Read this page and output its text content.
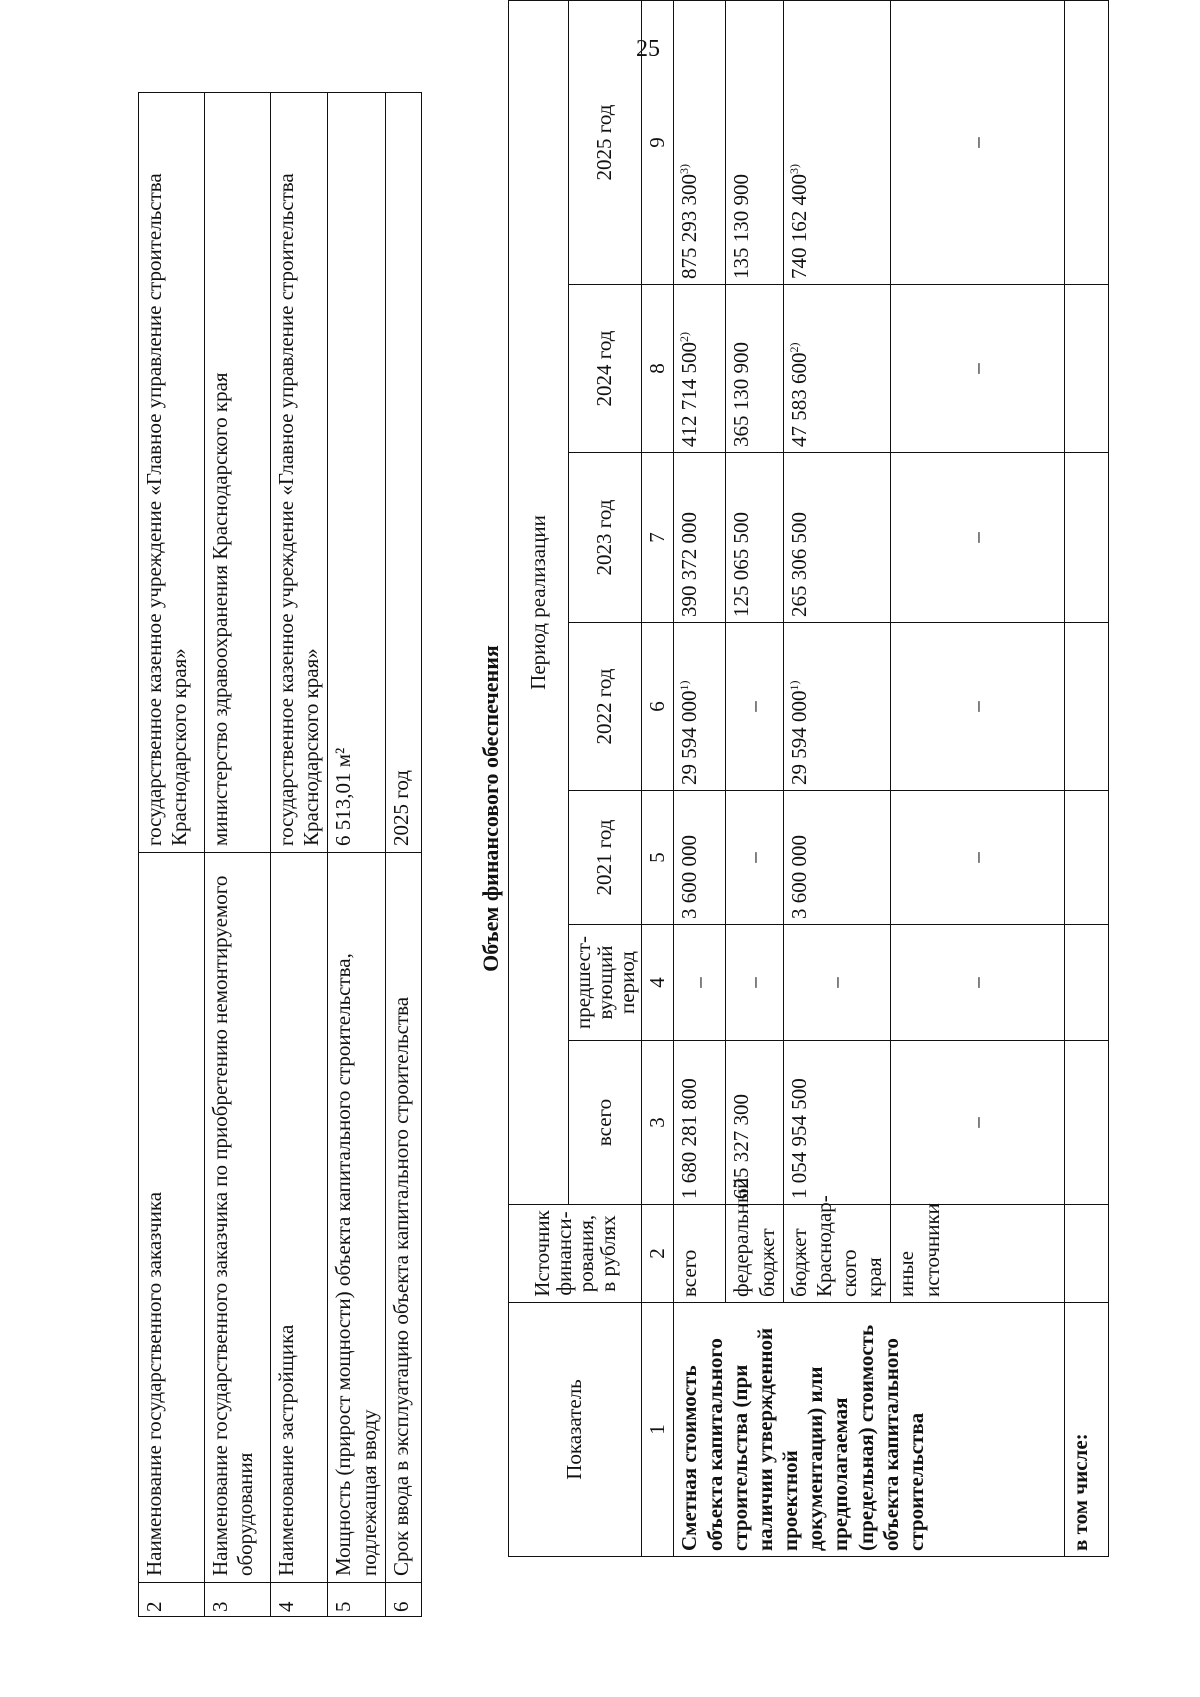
25
2	Наименование государственного заказчика	государственное казенное учреждение «Главное управление строительства Краснодарского края»
3	Наименование государственного заказчика по приобретению немонтируемого оборудования	министерство здравоохранения Краснодарского края
4	Наименование застройщика	государственное казенное учреждение «Главное управление строительства Краснодарского края»
5	Мощность (прирост мощности) объекта капитального строительства, подлежащая вводу	6 513,01 м²
6	Срок ввода в эксплуатацию объекта капитального строительства	2025 год	Объем финансового обеспечения
Показатель	Источник финанси-рования, в рублях	Период реализации						
		всего	предшест-вующий период	2021 год	2022 год	2023 год	2024 год	2025 год
1	2	3	4	5	6	7	8	9
Сметная стоимость объекта капитального строительства (при наличии утвержденной проектной документации) или предполагаемая (предельная) стоимость объекта капитального строительства	всего	1 680 281 800	–	3 600 000	29 594 000$^{1)}$	390 372 000	412 714 500$^{2)}$	875 293 300$^{3)}$
	федеральный бюджет	625 327 300	–	–	–	125 065 500	365 130 900	135 130 900
	бюджет Краснодар-ского края	1 054 954 500	–	3 600 000	29 594 000$^{1)}$	265 306 500	47 583 600$^{2)}$	740 162 400$^{3)}$
	иные источники	–	–	–	–	–	–	–
в том числе:								
